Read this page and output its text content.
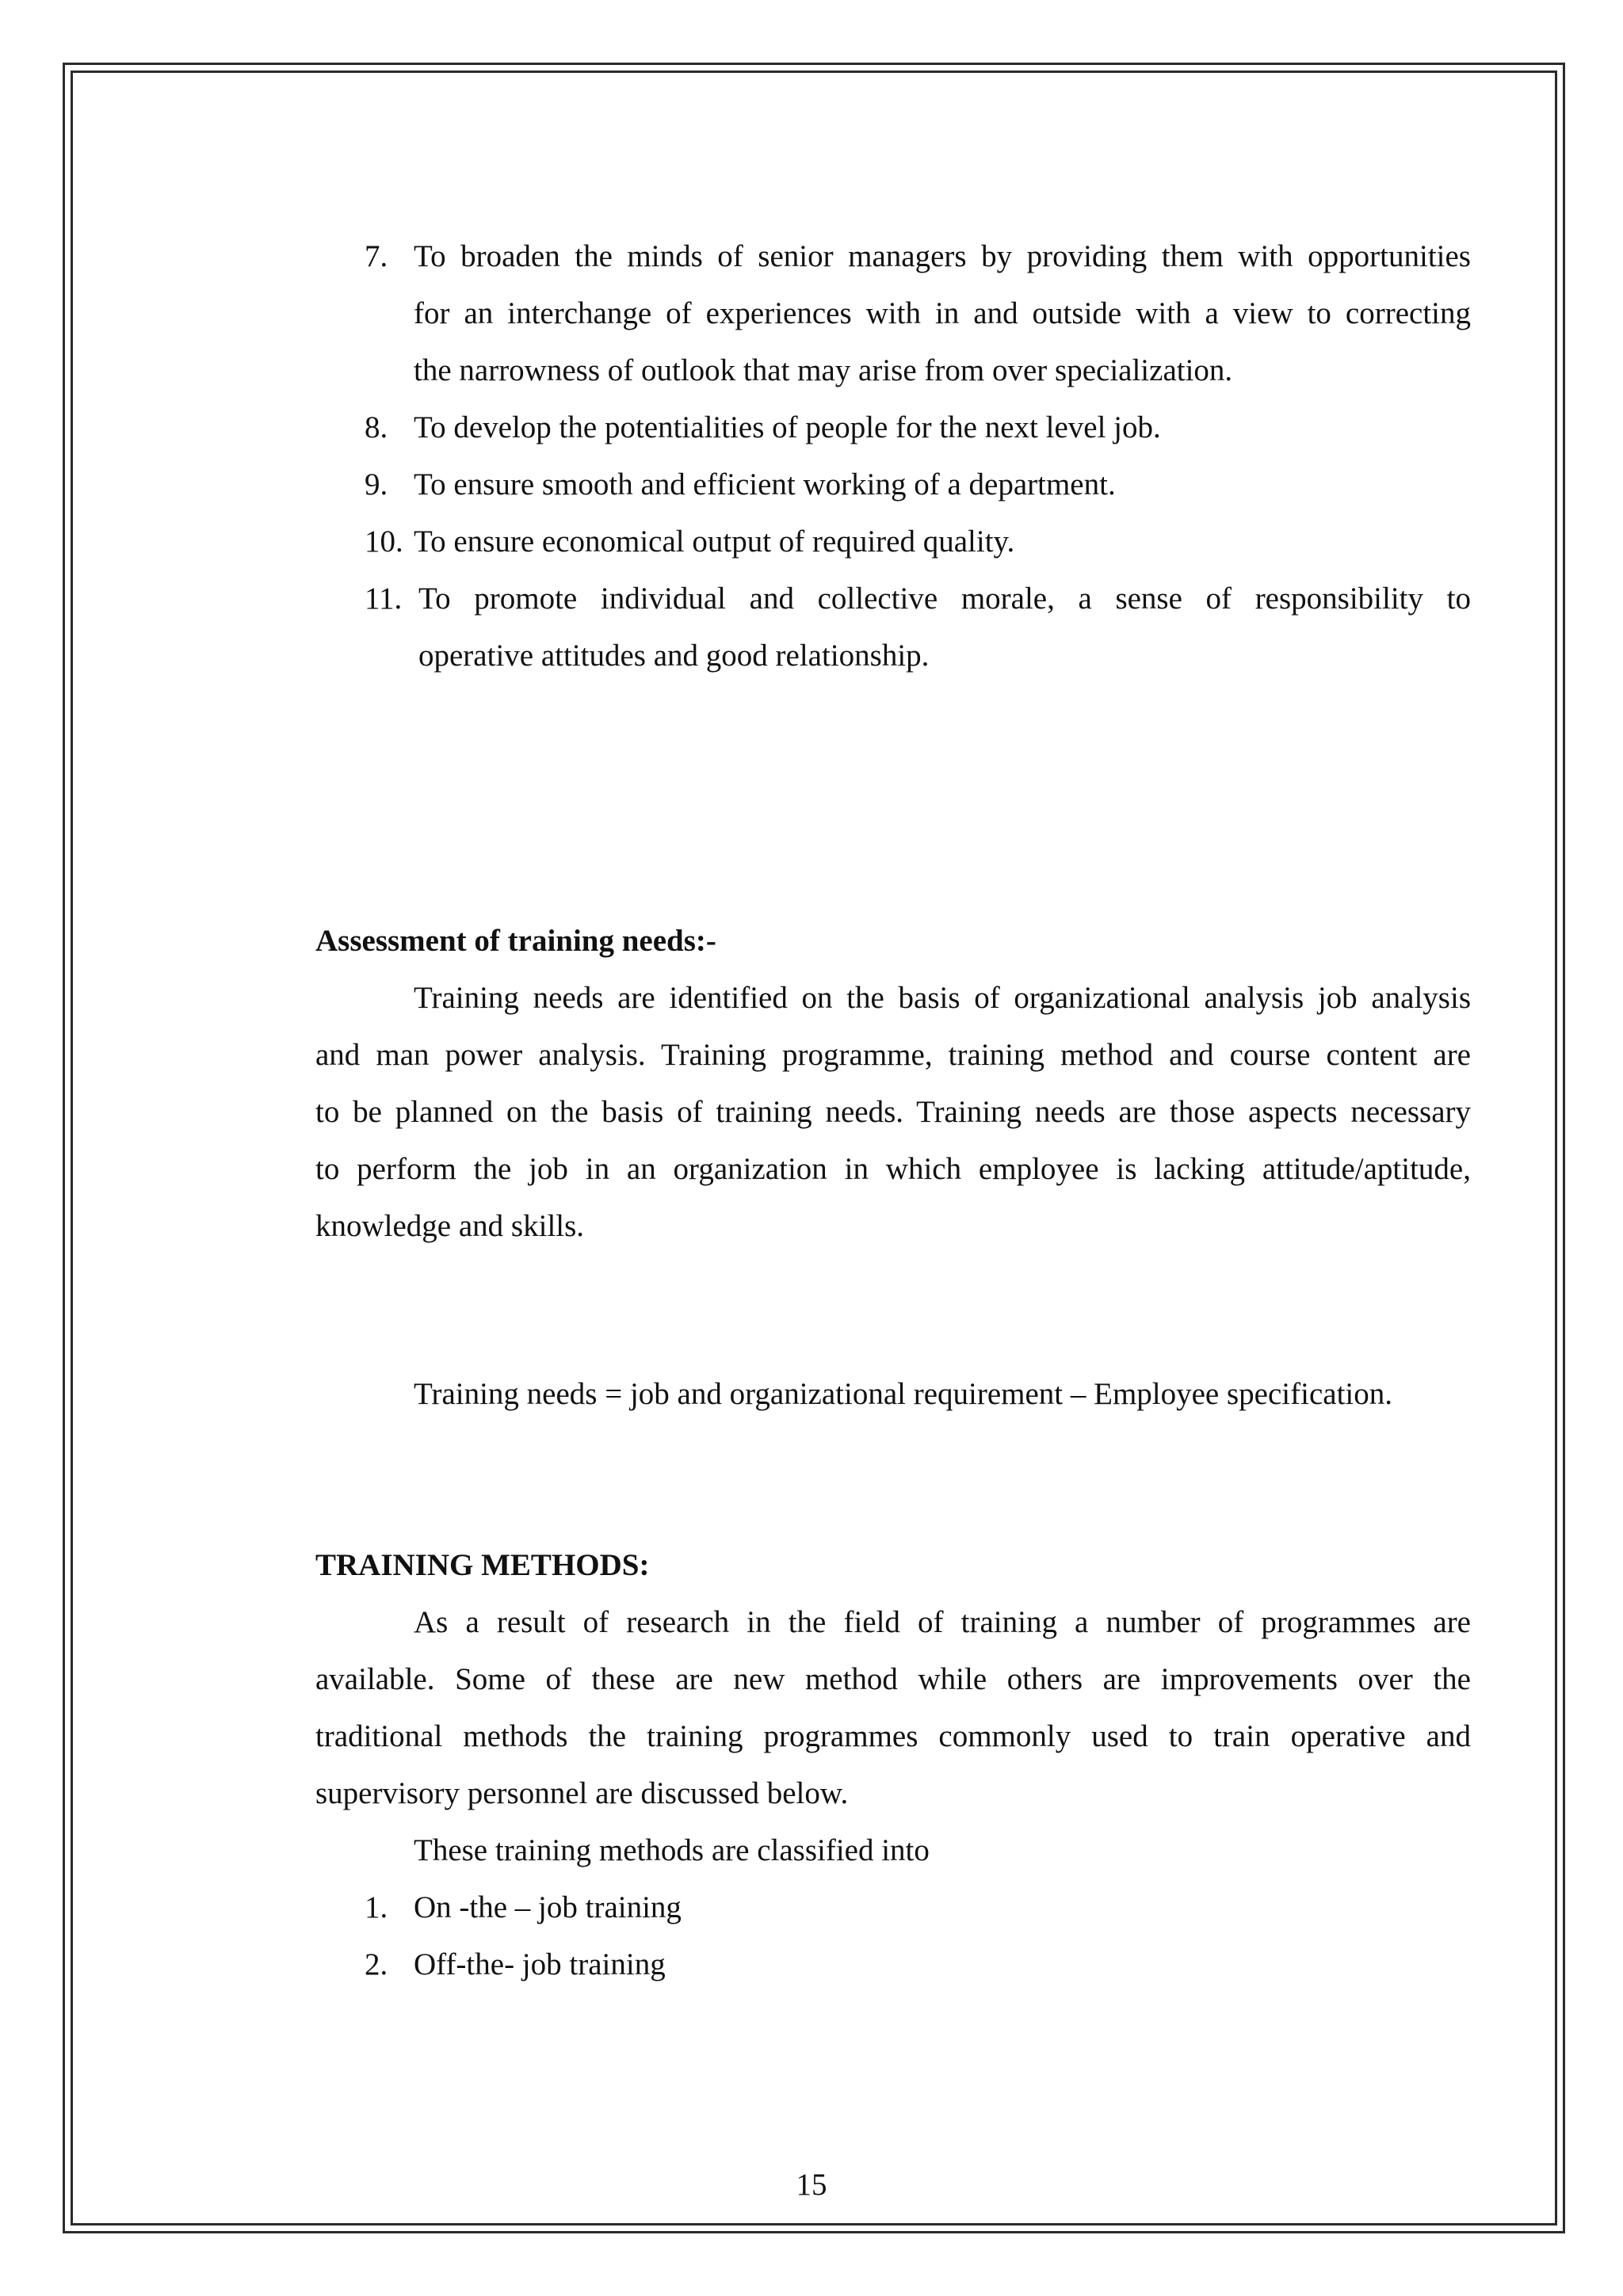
7. To broaden the minds of senior managers by providing them with opportunities
for an interchange of experiences with in and outside with a view to correcting
the narrowness of outlook that may arise from over specialization.
8. To develop the potentialities of people for the next level job.
9. To ensure smooth and efficient working of a department.
10. To ensure economical output of required quality.
11. To promote individual and collective morale, a sense of responsibility to
operative attitudes and good relationship.
Assessment of training needs:-
Training needs are identified on the basis of organizational analysis job analysis
and man power analysis. Training programme, training method and course content are
to be planned on the basis of training needs. Training needs are those aspects necessary
to perform the job in an organization in which employee is lacking attitude/aptitude,
knowledge and skills.
Training needs = job and organizational requirement – Employee specification.
TRAINING METHODS:
As a result of research in the field of training a number of programmes are
available. Some of these are new method while others are improvements over the
traditional methods the training programmes commonly used to train operative and
supervisory personnel are discussed below.
These training methods are classified into
1. On -the – job training
2. Off-the- job training
15
